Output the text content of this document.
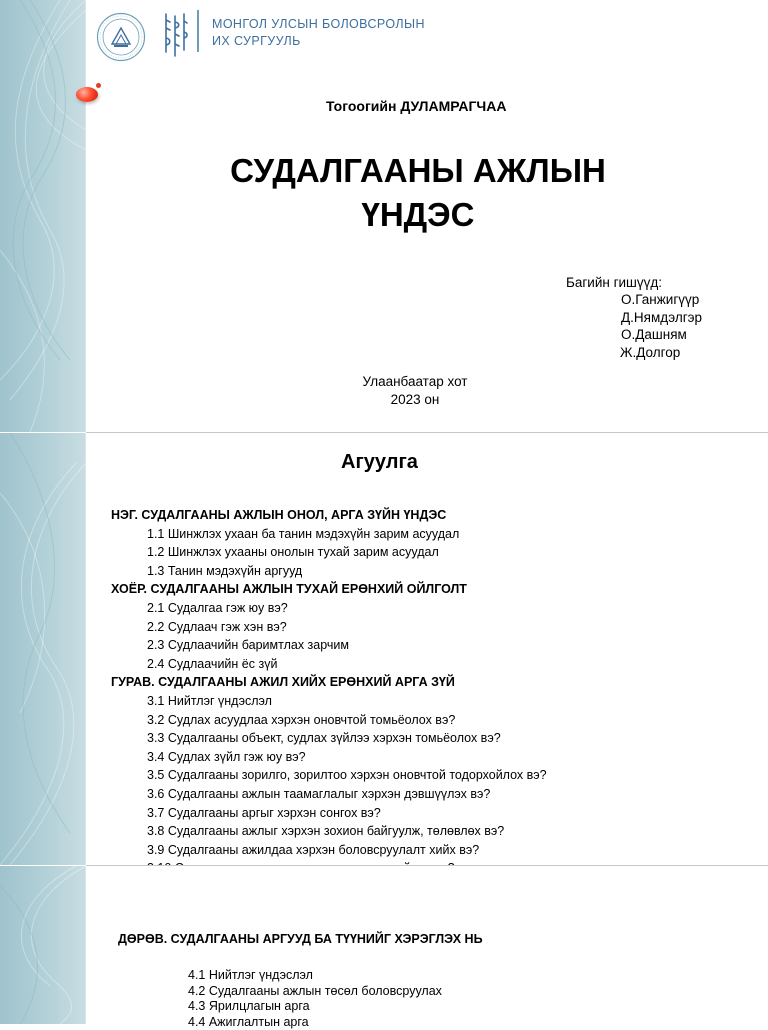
МОНГОЛ УЛСЫН БОЛОВСРОЛЫН
ИХ СУРГУУЛЬ
Тогоогийн ДУЛАМРАГЧАА
СУДАЛГААНЫ АЖЛЫН
ҮНДЭС
Багийн гишүүд:
О.Ганжигүүр
Д.Нямдэлгэр
О.Дашням
Ж.Долгор
Улаанбаатар хот
2023 он
Агуулга
НЭГ. СУДАЛГААНЫ АЖЛЫН ОНОЛ, АРГА ЗҮЙН ҮНДЭС
1.1 Шинжлэх ухаан ба танин мэдэхүйн зарим асуудал
1.2 Шинжлэх ухааны онолын тухай зарим асуудал
1.3 Танин мэдэхүйн аргууд
ХОЁР. СУДАЛГААНЫ АЖЛЫН ТУХАЙ ЕРӨНХИЙ ОЙЛГОЛТ
2.1 Судалгаа гэж юу вэ?
2.2 Судлаач гэж хэн вэ?
2.3 Судлаачийн баримтлах зарчим
2.4 Судлаачийн ёс зүй
ГУРАВ. СУДАЛГААНЫ АЖИЛ ХИЙХ ЕРӨНХИЙ АРГА ЗҮЙ
3.1 Нийтлэг үндэслэл
3.2 Судлах асуудлаа хэрхэн оновчтой томьёолох вэ?
3.3 Судалгааны объект, судлах зүйлээ хэрхэн томьёолох вэ?
3.4 Судлах зүйл гэж юу вэ?
3.5 Судалгааны зорилго, зорилтоо хэрхэн оновчтой тодорхойлох вэ?
3.6 Судалгааны ажлын таамаглалыг хэрхэн дэвшүүлэх вэ?
3.7 Судалгааны аргыг хэрхэн сонгох вэ?
3.8 Судалгааны ажлыг хэрхэн зохион байгуулж, төлөвлөх вэ?
3.9 Судалгааны ажилдаа хэрхэн боловсруулалт хийх вэ?
ДӨРӨВ. СУДАЛГААНЫ АРГУУД БА ТҮҮНИЙГ ХЭРЭГЛЭХ НЬ
4.1 Нийтлэг үндэслэл
4.2 Судалгааны ажлын төсөл боловсруулах
4.3 Ярилцлагын арга
4.4 Ажиглалтын арга
